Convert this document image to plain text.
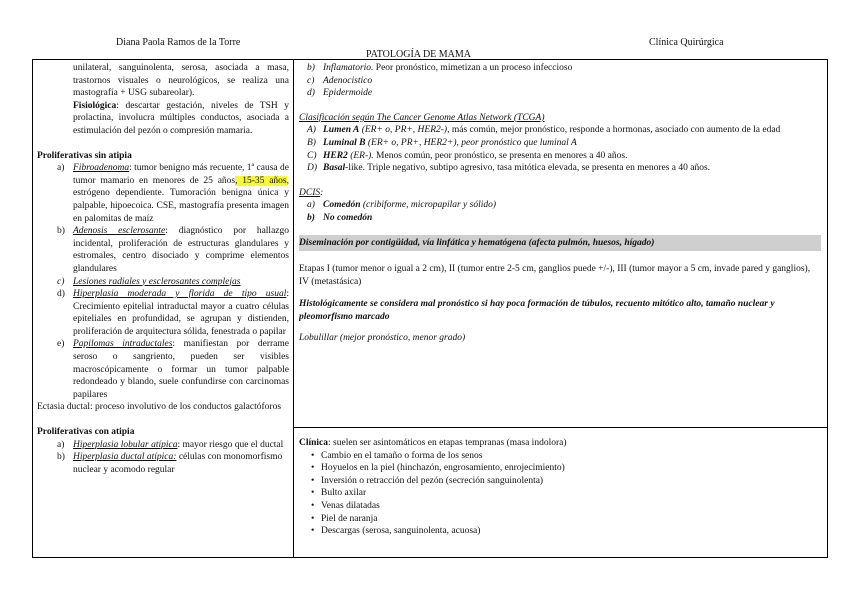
Diana Paola Ramos de la Torre	Clínica Quirúrgica
PATOLOGÍA DE MAMA

unilateral, sanguinolenta, serosa, asociada a masa, trastornos visuales o neurológicos, se realiza una mastografía + USG subareolar).

Fisiológica: descartar gestación, niveles de TSH y prolactina, involucra múltiples conductos, asociada a estimulación del pezón o compresión mamaria.

Proliferativas sin atipia

a) Fibroadenoma: tumor benigno más recuente, 1ª causa de tumor mamario en menores de 25 años, 15-35 años, estrógeno dependiente. Tumoración benigna única y palpable, hipoecoica. CSE, mastografía presenta imagen en palomitas de maíz
b) Adenosis esclerosante: diagnóstico por hallazgo incidental, proliferación de estructuras glandulares y estromales, centro disociado y comprime elementos glandulares
c) Lesiones radiales y esclerosantes complejas
d) Hiperplasia moderada y florida de tipo usual: Crecimiento epitelial intraductal mayor a cuatro células epiteliales en profundidad, se agrupan y distienden, proliferación de arquitectura sólida, fenestrada o papilar
e) Papilomas intraductales: manifiestan por derrame seroso o sangriento, pueden ser visibles macroscópicamente o formar un tumor palpable redondeado y blando, suele confundirse con carcinomas papilares

Ectasia ductal: proceso involutivo de los conductos galactóforos

Proliferativas con atipia

a) Hiperplasia lobular atípica: mayor riesgo que el ductal
b) Hiperplasia ductal atípica: células con monomorfismo nuclear y acomodo regular
b) Inflamatorio. Peor pronóstico, mimetizan a un proceso infeccioso
c) Adenocistico
d) Epidermoide

Clasificación según The Cancer Genome Atlas Network (TCGA)

A) Lumen A (ER+ o, PR+, HER2-), más común, mejor pronóstico, responde a hormonas, asociado con aumento de la edad
B) Luminal B (ER+ o, PR+, HER2+), peor pronóstico que luminal A
C) HER2 (ER-). Menos común, peor pronóstico, se presenta en menores a 40 años.
D) Basal-like. Triple negativo, subtipo agresivo, tasa mitótica elevada, se presenta en menores a 40 años.

DCIS:

a) Comedón (cribiforme, micropapilar y sólido)
b) No comedón

Diseminación por contigüidad, vía linfática y hematógena (afecta pulmón, huesos, hígado)

Etapas I (tumor menor o igual a 2 cm), II (tumor entre 2-5 cm, ganglios puede +/-), III (tumor mayor a 5 cm, invade pared y ganglios), IV (metastásica)

Histológicamente se considera mal pronóstico si hay poca formación de túbulos, recuento mitótico alto, tamaño nuclear y pleomorfismo marcado

Lobulillar (mejor pronóstico, menor grado)

Clínica: suelen ser asintomáticos en etapas tempranas (masa indolora)

• Cambio en el tamaño o forma de los senos
• Hoyuelos en la piel (hinchazón, engrosamiento, enrojecimiento)
• Inversión o retracción del pezón (secreción sanguinolenta)
• Bulto axilar
• Venas dilatadas
• Piel de naranja
• Descargas (serosa, sanguinolenta, acuosa)
